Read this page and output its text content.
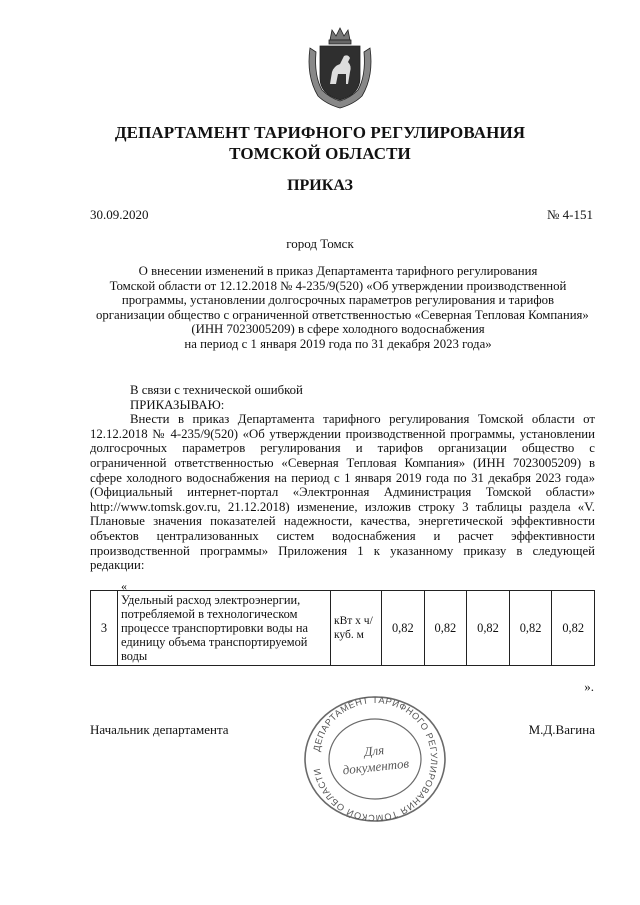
ДЕПАРТАМЕНТ ТАРИФНОГО РЕГУЛИРОВАНИЯ
ТОМСКОЙ ОБЛАСТИ
ПРИКАЗ
30.09.2020	№ 4-151
город Томск
О внесении изменений в приказ Департамента тарифного регулирования
Томской области от 12.12.2018 № 4-235/9(520) «Об утверждении производственной
программы, установлении долгосрочных параметров регулирования и тарифов
организации общество с ограниченной ответственностью «Северная Тепловая Компания»
(ИНН 7023005209) в сфере холодного водоснабжения
на период с 1 января 2019 года по 31 декабря 2023 года»
В связи с технической ошибкой
ПРИКАЗЫВАЮ:
Внести в приказ Департамента тарифного регулирования Томской области от
12.12.2018 № 4-235/9(520) «Об утверждении производственной программы, установлении
долгосрочных параметров регулирования и тарифов организации общество с
ограниченной ответственностью «Северная Тепловая Компания» (ИНН 7023005209) в
сфере холодного водоснабжения на период с 1 января 2019 года по 31 декабря 2023 года»
(Официальный интернет-портал «Электронная Администрация Томской области»
http://www.tomsk.gov.ru, 21.12.2018) изменение, изложив строку 3 таблицы раздела «V.
Плановые значения показателей надежности, качества, энергетической эффективности
объектов централизованных систем водоснабжения и расчет эффективности
производственной программы» Приложения 1 к указанному приказу в следующей
редакции:
«
3	Удельный расход электроэнергии, потребляемой в технологическом процессе транспортировки воды на единицу объема транспортируемой воды	кВт х ч/куб. м	0,82	0,82	0,82	0,82	0,82
».
Начальник департамента	М.Д.Вагина
ДЕПАРТАМЕНТ ТАРИФНОГО РЕГУЛИРОВАНИЯ ТОМСКОЙ ОБЛАСТИ
Для
документов
